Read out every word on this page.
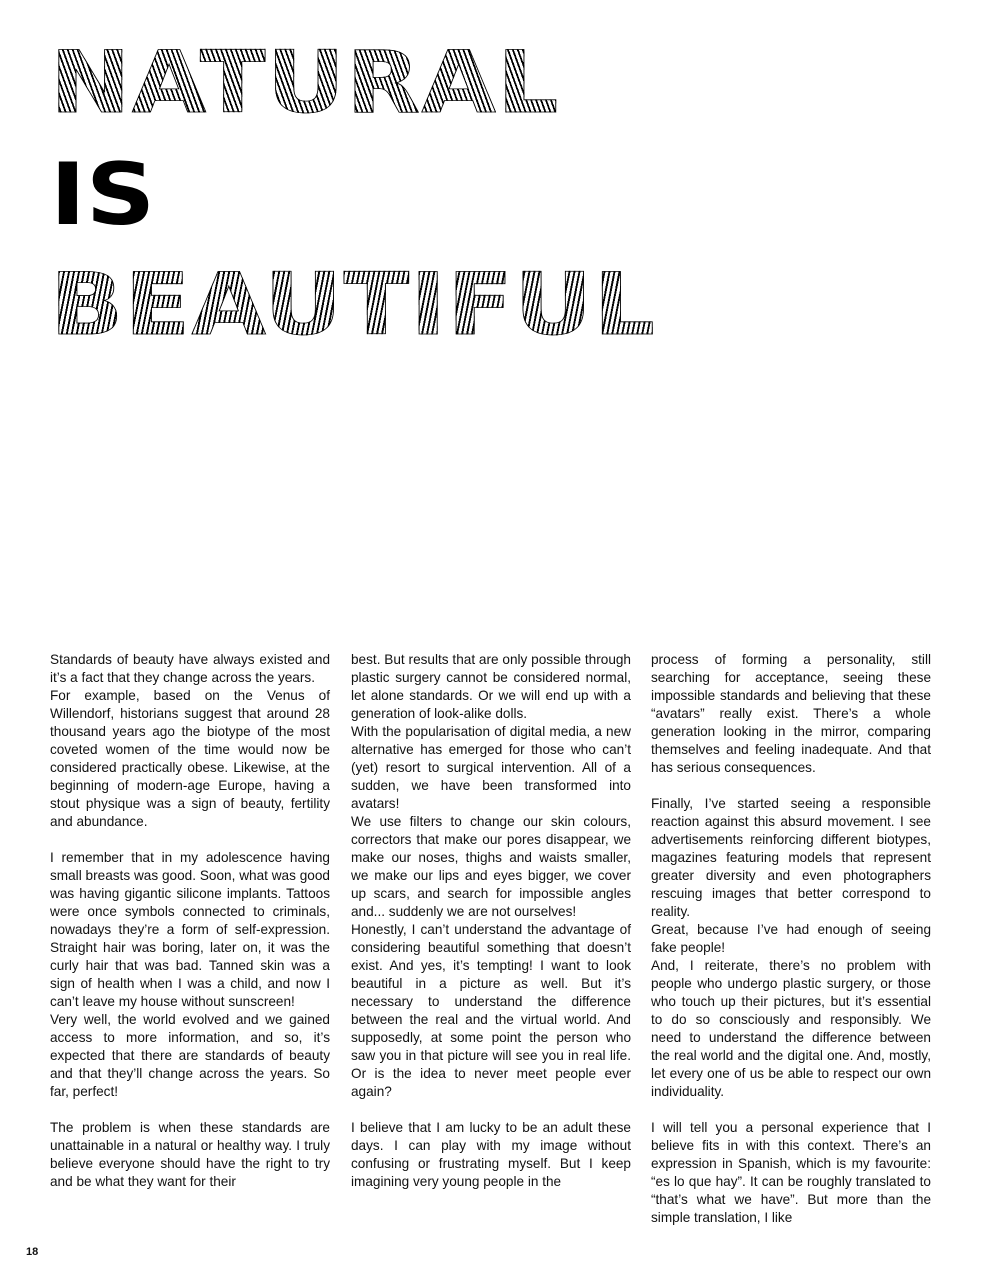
NATURAL
IS
BEAUTIFUL

Standards of beauty have always existed and it’s a fact that they change across the years.

For example, based on the Venus of Willendorf, historians suggest that around 28 thousand years ago the biotype of the most coveted women of the time would now be considered practically obese. Likewise, at the beginning of modern-age Europe, having a stout physique was a sign of beauty, fertility and abundance.

I remember that in my adolescence having small breasts was good. Soon, what was good was having gigantic silicone implants. Tattoos were once symbols connected to criminals, nowadays they’re a form of self-expression. Straight hair was boring, later on, it was the curly hair that was bad. Tanned skin was a sign of health when I was a child, and now I can’t leave my house without sunscreen!

Very well, the world evolved and we gained access to more information, and so, it’s expected that there are standards of beauty and that they’ll change across the years. So far, perfect!

The problem is when these standards are unattainable in a natural or healthy way. I truly believe everyone should have the right to try and be what they want for their

best. But results that are only possible through plastic surgery cannot be considered normal, let alone standards. Or we will end up with a generation of look-alike dolls.

With the popularisation of digital media, a new alternative has emerged for those who can’t (yet) resort to surgical intervention. All of a sudden, we have been transformed into avatars!

We use filters to change our skin colours, correctors that make our pores disappear, we make our noses, thighs and waists smaller, we make our lips and eyes bigger, we cover up scars, and search for impossible angles and... suddenly we are not ourselves!

Honestly, I can’t understand the advantage of considering beautiful something that doesn’t exist. And yes, it’s tempting! I want to look beautiful in a picture as well. But it’s necessary to understand the difference between the real and the virtual world. And supposedly, at some point the person who saw you in that picture will see you in real life. Or is the idea to never meet people ever again?

I believe that I am lucky to be an adult these days. I can play with my image without confusing or frustrating myself. But I keep imagining very young people in the

process of forming a personality, still searching for acceptance, seeing these impossible standards and believing that these “avatars” really exist. There’s a whole generation looking in the mirror, comparing themselves and feeling inadequate. And that has serious consequences.

Finally, I’ve started seeing a responsible reaction against this absurd movement. I see advertisements reinforcing different biotypes, magazines featuring models that represent greater diversity and even photographers rescuing images that better correspond to reality.

Great, because I’ve had enough of seeing fake people!

And, I reiterate, there’s no problem with people who undergo plastic surgery, or those who touch up their pictures, but it’s essential to do so consciously and responsibly. We need to understand the difference between the real world and the digital one. And, mostly, let every one of us be able to respect our own individuality.

I will tell you a personal experience that I believe fits in with this context. There’s an expression in Spanish, which is my favourite: “es lo que hay”. It can be roughly translated to “that’s what we have”. But more than the simple translation, I like

18
